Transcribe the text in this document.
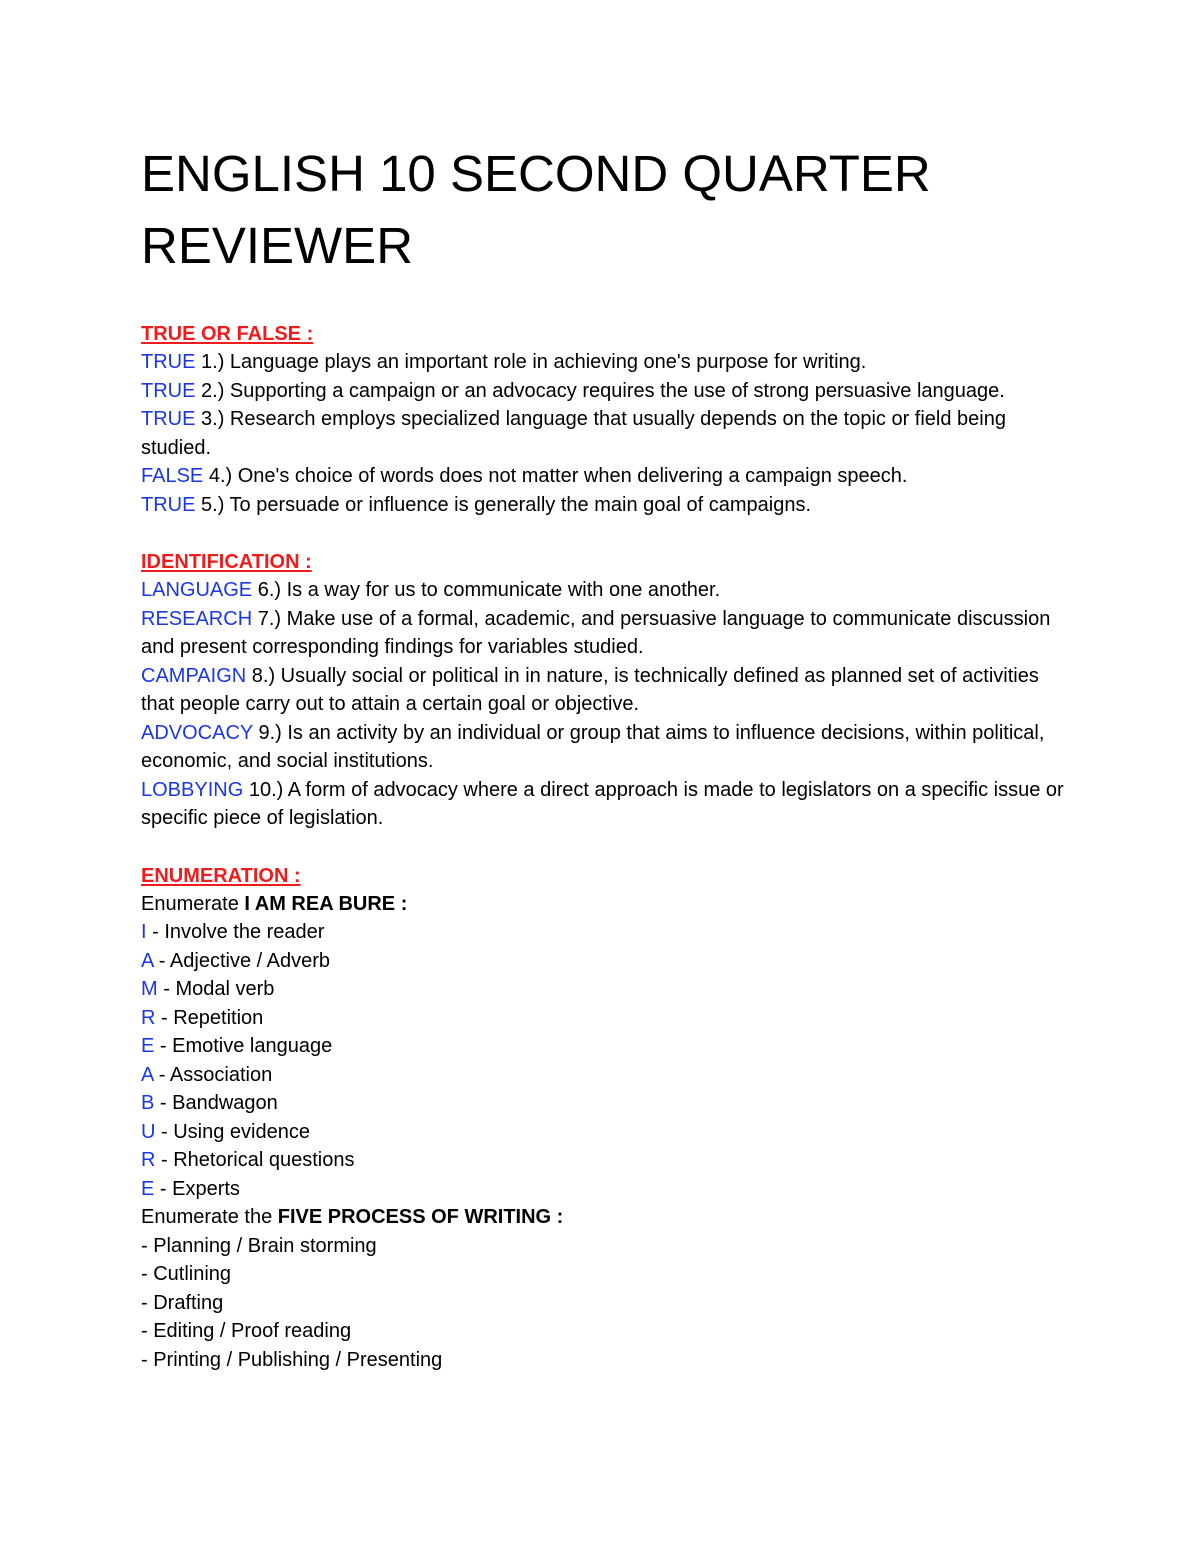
ENGLISH 10 SECOND QUARTER
REVIEWER
TRUE OR FALSE :
TRUE 1.) Language plays an important role in achieving one's purpose for writing.
TRUE 2.) Supporting a campaign or an advocacy requires the use of strong persuasive language.
TRUE 3.) Research employs specialized language that usually depends on the topic or field being studied.
FALSE 4.) One's choice of words does not matter when delivering a campaign speech.
TRUE 5.) To persuade or influence is generally the main goal of campaigns.
IDENTIFICATION :
LANGUAGE 6.) Is a way for us to communicate with one another.
RESEARCH 7.) Make use of a formal, academic, and persuasive language to communicate discussion and present corresponding findings for variables studied.
CAMPAIGN 8.) Usually social or political in in nature, is technically defined as planned set of activities that people carry out to attain a certain goal or objective.
ADVOCACY 9.) Is an activity by an individual or group that aims to influence decisions, within political, economic, and social institutions.
LOBBYING 10.) A form of advocacy where a direct approach is made to legislators on a specific issue or specific piece of legislation.
ENUMERATION :
Enumerate I AM REA BURE :
I - Involve the reader
A - Adjective / Adverb
M - Modal verb
R - Repetition
E - Emotive language
A - Association
B - Bandwagon
U - Using evidence
R - Rhetorical questions
E - Experts
Enumerate the FIVE PROCESS OF WRITING :
- Planning / Brain storming
- Cutlining
- Drafting
- Editing / Proof reading
- Printing / Publishing / Presenting
